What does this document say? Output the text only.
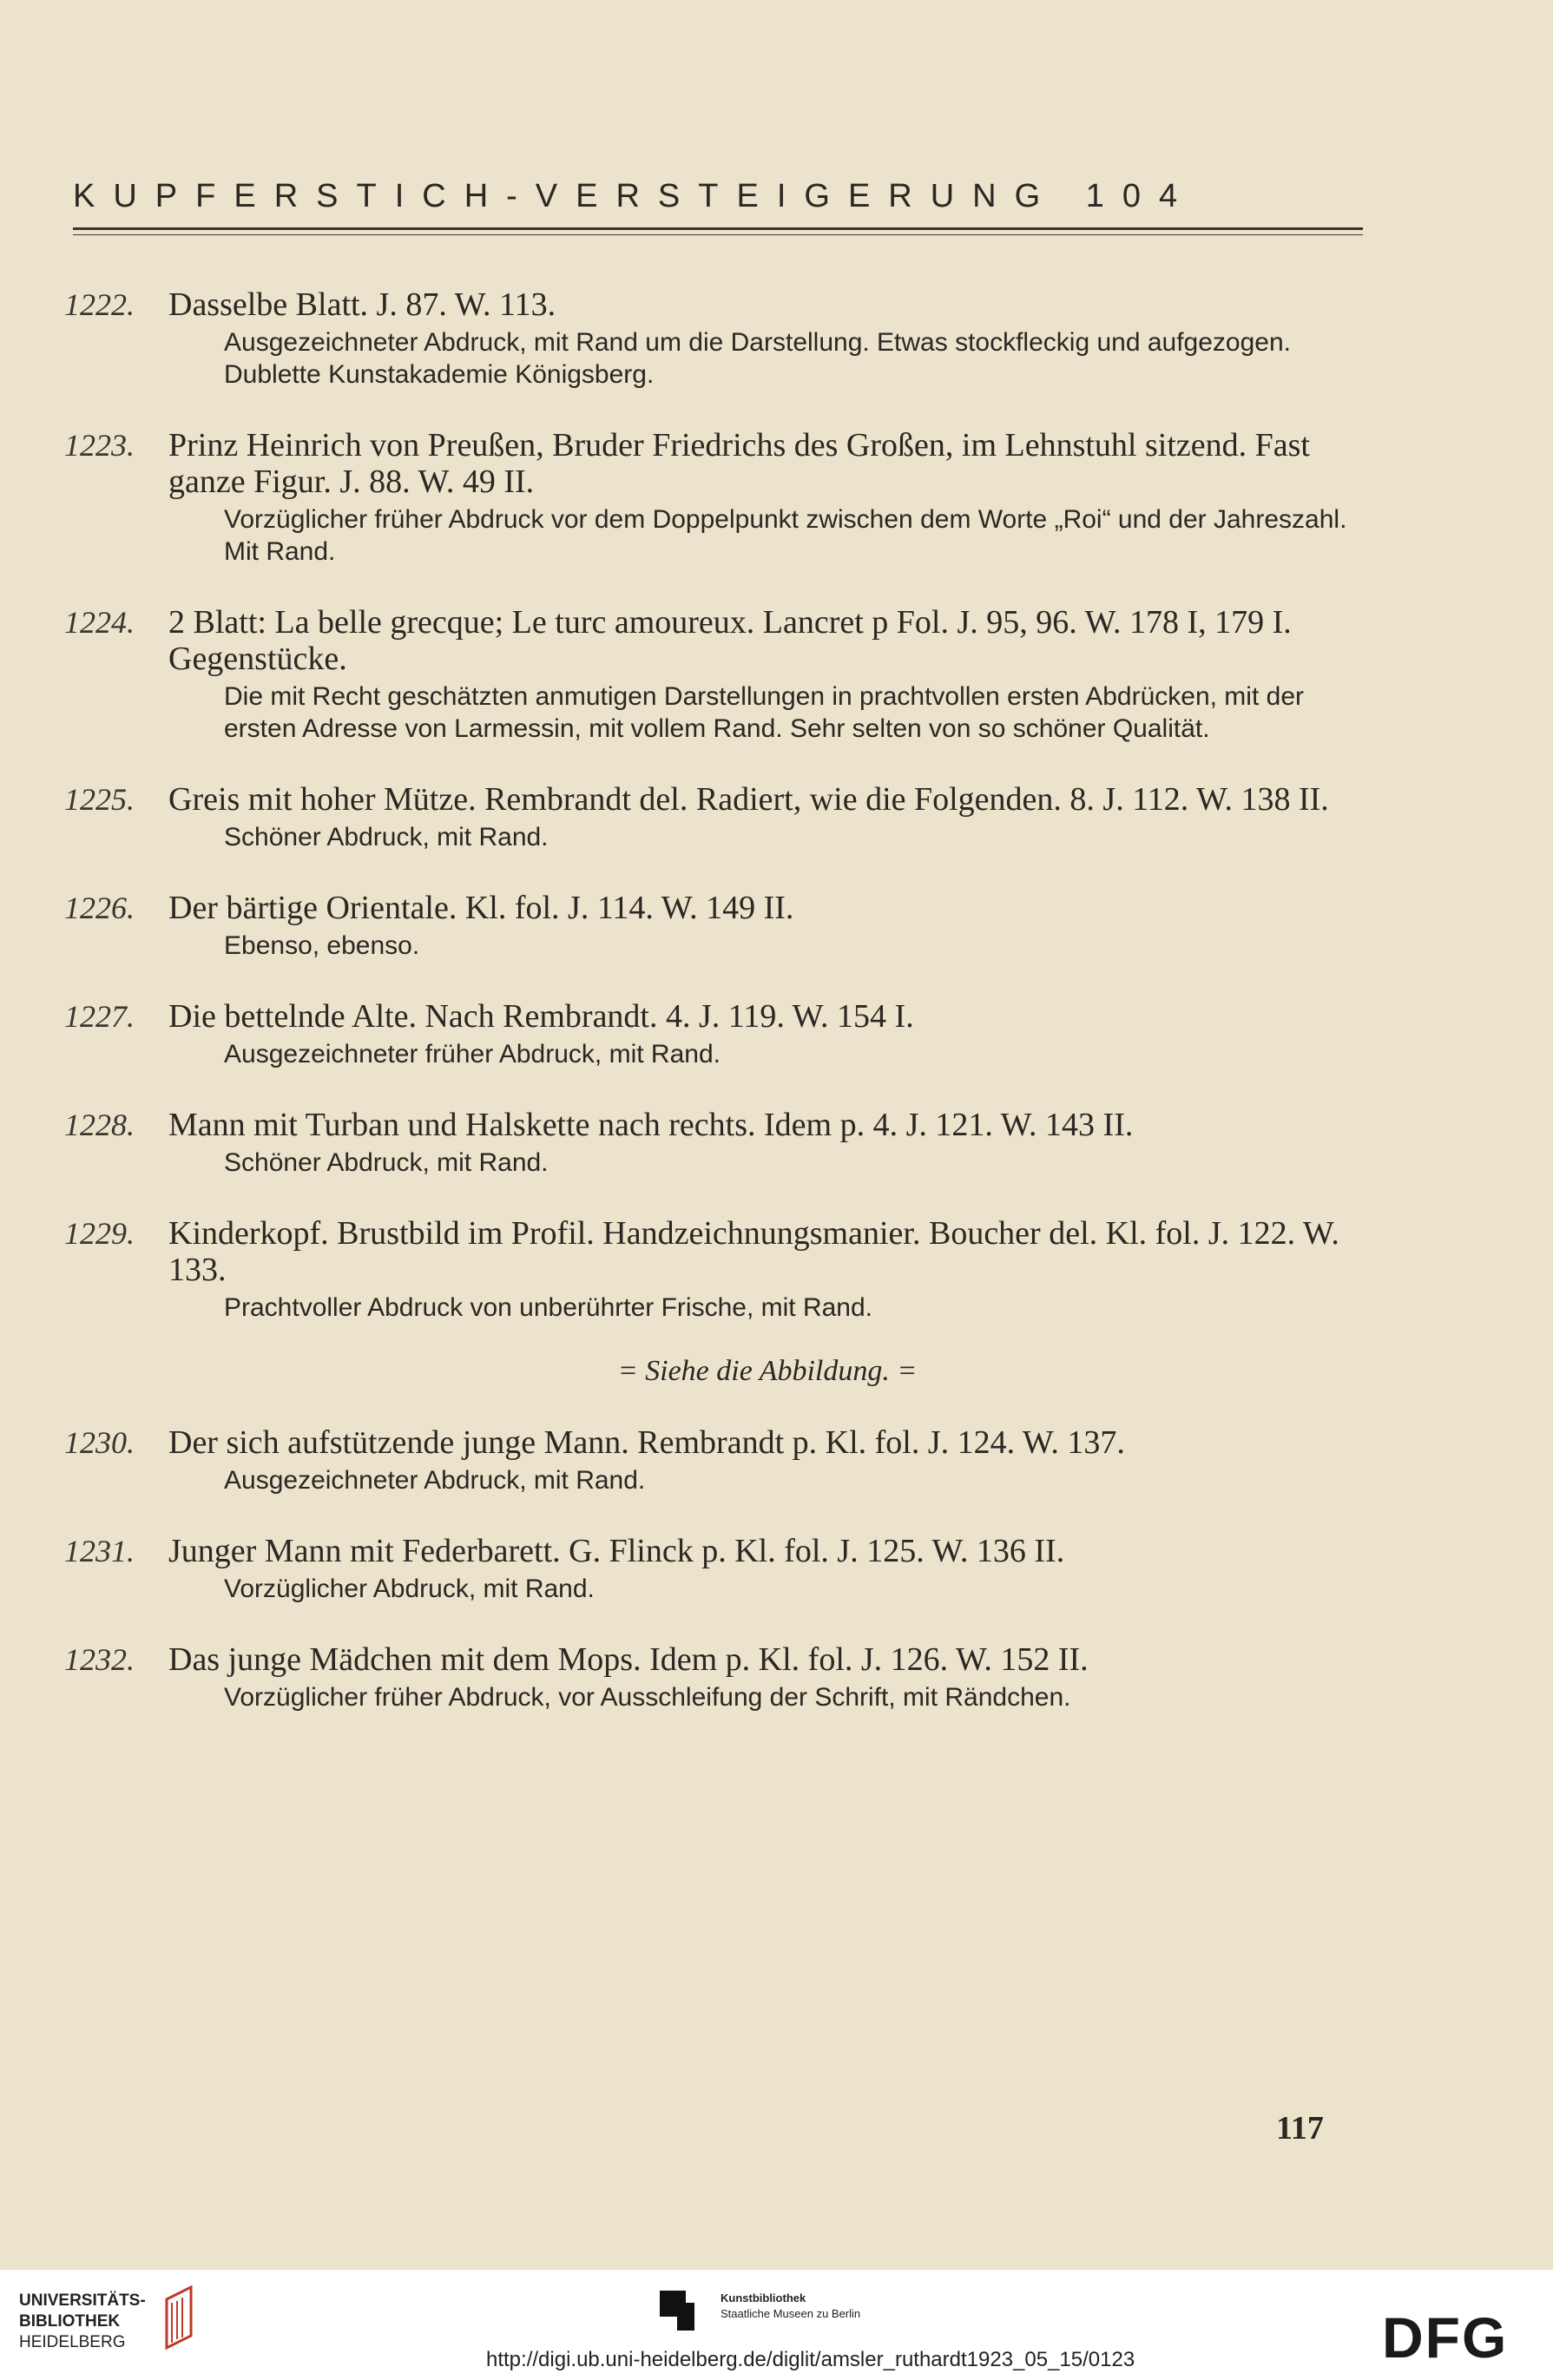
KUPFERSTICH-VERSTEIGERUNG 104
1222.	Dasselbe Blatt. J. 87. W. 113.
Ausgezeichneter Abdruck, mit Rand um die Darstellung. Etwas stockfleckig und aufgezogen. Dublette Kunstakademie Königsberg.
1223.	Prinz Heinrich von Preußen, Bruder Friedrichs des Großen, im Lehnstuhl sitzend. Fast ganze Figur. J. 88. W. 49 II.
Vorzüglicher früher Abdruck vor dem Doppelpunkt zwischen dem Worte „Roi“ und der Jahreszahl. Mit Rand.
1224.	2 Blatt: La belle grecque; Le turc amoureux. Lancret p Fol. J. 95, 96. W. 178 I, 179 I. Gegenstücke.
Die mit Recht geschätzten anmutigen Darstellungen in prachtvollen ersten Abdrücken, mit der ersten Adresse von Larmessin, mit vollem Rand. Sehr selten von so schöner Qualität.
1225.	Greis mit hoher Mütze. Rembrandt del. Radiert, wie die Folgenden. 8. J. 112. W. 138 II.
Schöner Abdruck, mit Rand.
1226.	Der bärtige Orientale. Kl. fol. J. 114. W. 149 II.
Ebenso, ebenso.
1227.	Die bettelnde Alte. Nach Rembrandt. 4. J. 119. W. 154 I.
Ausgezeichneter früher Abdruck, mit Rand.
1228.	Mann mit Turban und Halskette nach rechts. Idem p. 4. J. 121. W. 143 II.
Schöner Abdruck, mit Rand.
1229.	Kinderkopf. Brustbild im Profil. Handzeichnungsmanier. Boucher del. Kl. fol. J. 122. W. 133.
Prachtvoller Abdruck von unberührter Frische, mit Rand.
= Siehe die Abbildung. =
1230.	Der sich aufstützende junge Mann. Rembrandt p. Kl. fol. J. 124. W. 137.
Ausgezeichneter Abdruck, mit Rand.
1231.	Junger Mann mit Federbarett. G. Flinck p. Kl. fol. J. 125. W. 136 II.
Vorzüglicher Abdruck, mit Rand.
1232.	Das junge Mädchen mit dem Mops. Idem p. Kl. fol. J. 126. W. 152 II.
Vorzüglicher früher Abdruck, vor Ausschleifung der Schrift, mit Rändchen.
117
UNIVERSITÄTS-
BIBLIOTHEK
HEIDELBERG
Kunstbibliothek
Staatliche Museen zu Berlin	DFG
http://digi.ub.uni-heidelberg.de/diglit/amsler_ruthardt1923_05_15/0123
